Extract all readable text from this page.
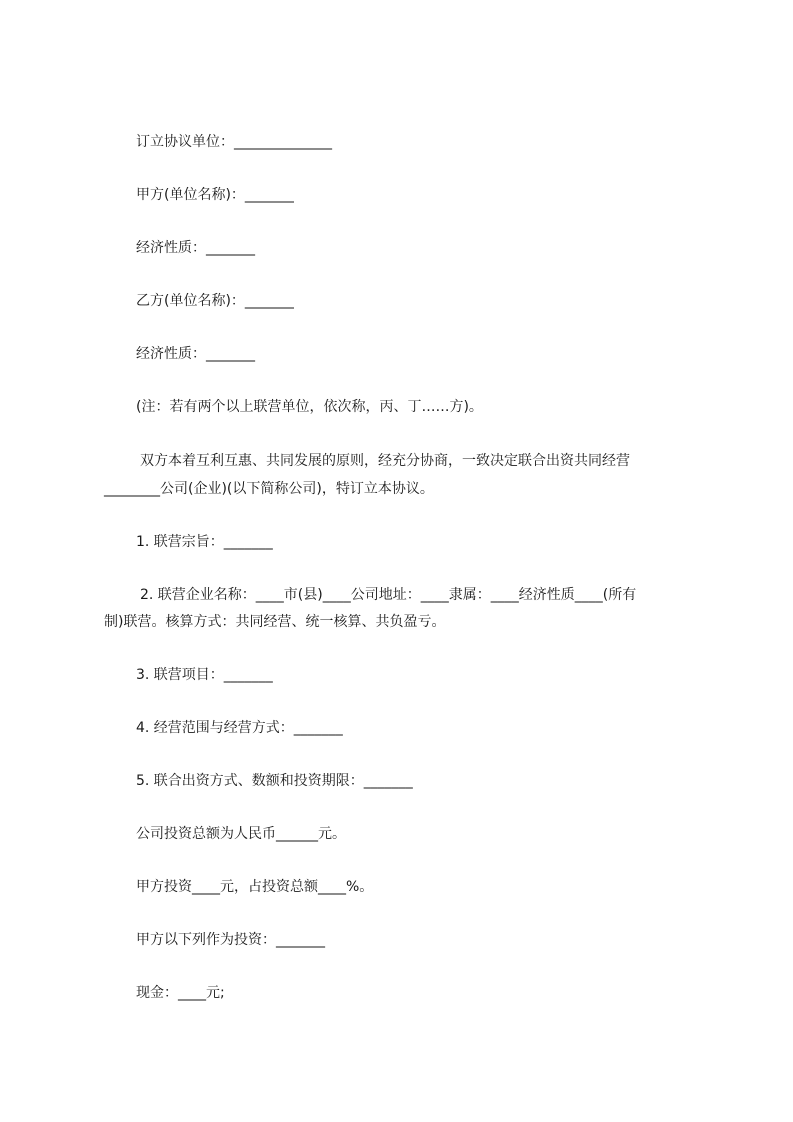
订立协议单位：______________

甲方(单位名称)：_______

经济性质：_______

乙方(单位名称)：_______

经济性质：_______

(注：若有两个以上联营单位，依次称，丙、丁……方)。

双方本着互利互惠、共同发展的原则，经充分协商，一致决定联合出资共同经营

________公司(企业)(以下简称公司)，特订立本协议。

1. 联营宗旨：_______

2. 联营企业名称：____市(县)____公司地址：____隶属：____经济性质____(所有

制)联营。核算方式：共同经营、统一核算、共负盈亏。

3. 联营项目：_______

4. 经营范围与经营方式：_______

5. 联合出资方式、数额和投资期限：_______

公司投资总额为人民币______元。

甲方投资____元，占投资总额____%。

甲方以下列作为投资：_______

现金：____元;
